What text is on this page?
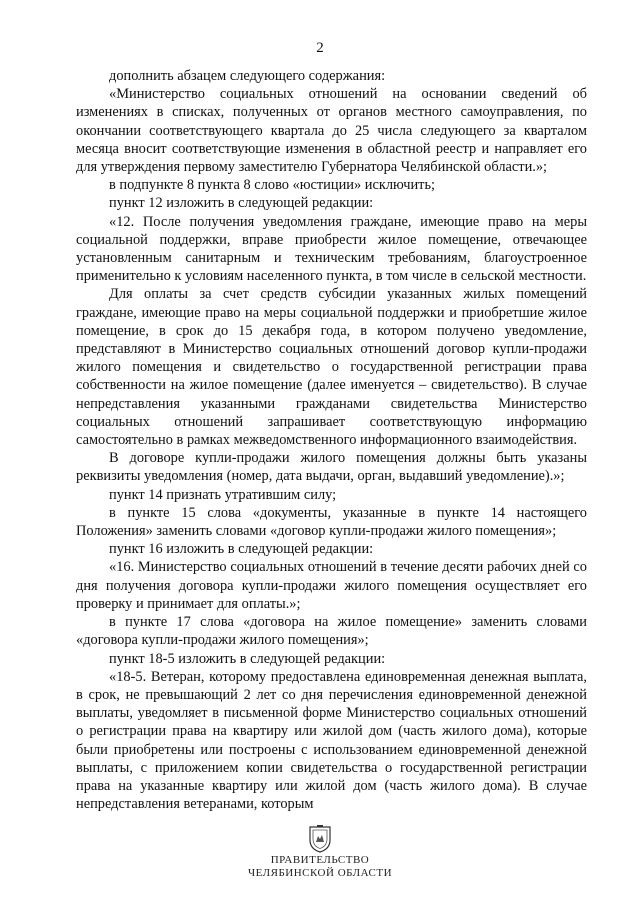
2

дополнить абзацем следующего содержания:

«Министерство социальных отношений на основании сведений об изменениях в списках, полученных от органов местного самоуправления, по окончании соответствующего квартала до 25 числа следующего за кварталом месяца вносит соответствующие изменения в областной реестр и направляет его для утверждения первому заместителю Губернатора Челябинской области.»;

в подпункте 8 пункта 8 слово «юстиции» исключить;

пункт 12 изложить в следующей редакции:

«12. После получения уведомления граждане, имеющие право на меры социальной поддержки, вправе приобрести жилое помещение, отвечающее установленным санитарным и техническим требованиям, благоустроенное применительно к условиям населенного пункта, в том числе в сельской местности.

Для оплаты за счет средств субсидии указанных жилых помещений граждане, имеющие право на меры социальной поддержки и приобретшие жилое помещение, в срок до 15 декабря года, в котором получено уведомление, представляют в Министерство социальных отношений договор купли-продажи жилого помещения и свидетельство о государственной регистрации права собственности на жилое помещение (далее именуется – свидетельство). В случае непредставления указанными гражданами свидетельства Министерство социальных отношений запрашивает соответствующую информацию самостоятельно в рамках межведомственного информационного взаимодействия.

В договоре купли-продажи жилого помещения должны быть указаны реквизиты уведомления (номер, дата выдачи, орган, выдавший уведомление).»;

пункт 14 признать утратившим силу;

в пункте 15 слова «документы, указанные в пункте 14 настоящего Положения» заменить словами «договор купли-продажи жилого помещения»;

пункт 16 изложить в следующей редакции:

«16. Министерство социальных отношений в течение десяти рабочих дней со дня получения договора купли-продажи жилого помещения осуществляет его проверку и принимает для оплаты.»;

в пункте 17 слова «договора на жилое помещение» заменить словами «договора купли-продажи жилого помещения»;

пункт 18-5 изложить в следующей редакции:

«18-5. Ветеран, которому предоставлена единовременная денежная выплата, в срок, не превышающий 2 лет со дня перечисления единовременной денежной выплаты, уведомляет в письменной форме Министерство социальных отношений о регистрации права на квартиру или жилой дом (часть жилого дома), которые были приобретены или построены с использованием единовременной денежной выплаты, с приложением копии свидетельства о государственной регистрации права на указанные квартиру или жилой дом (часть жилого дома). В случае непредставления ветеранами, которым

ПРАВИТЕЛЬСТВО
ЧЕЛЯБИНСКОЙ ОБЛАСТИ
